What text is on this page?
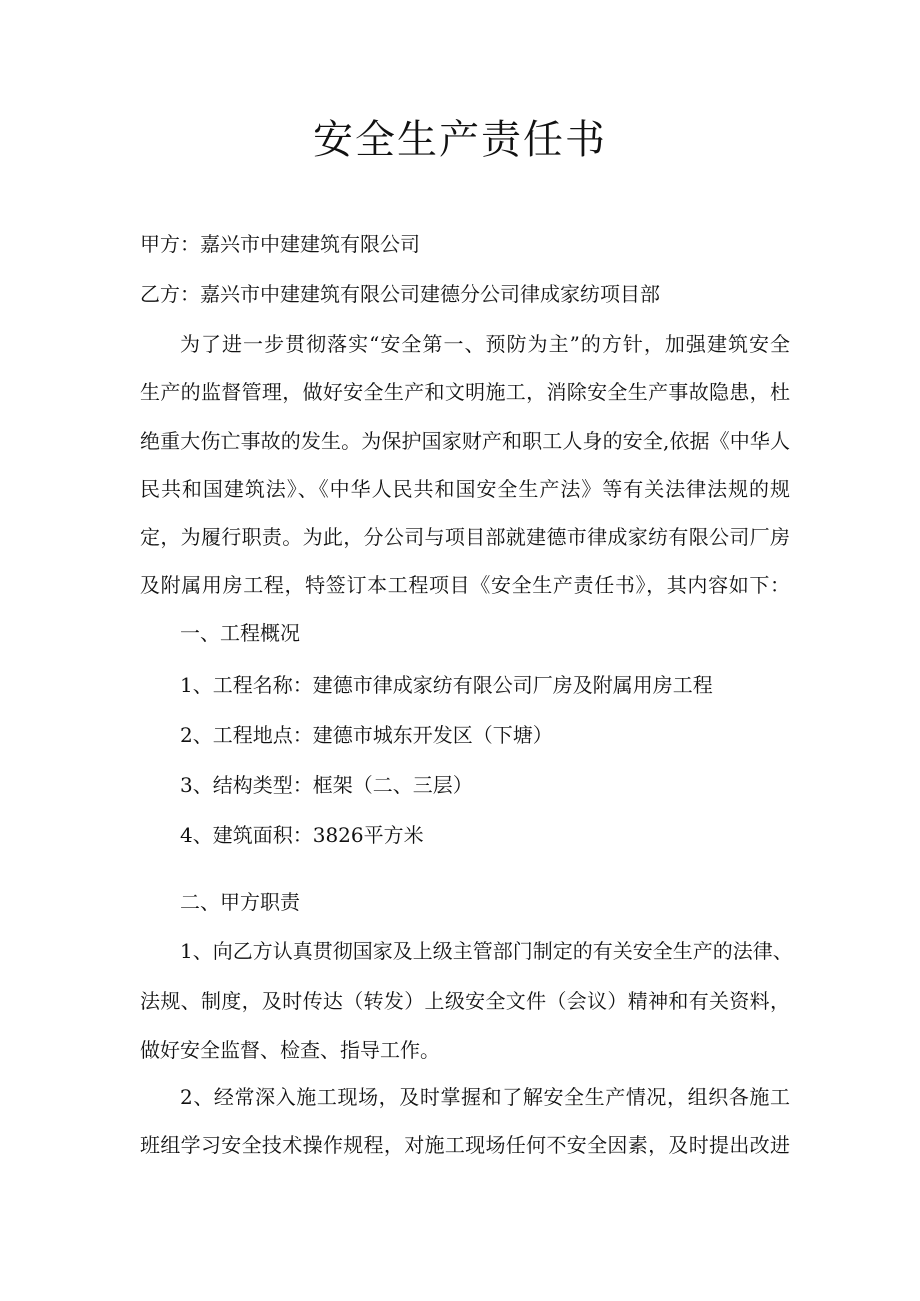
安全生产责任书

甲方：嘉兴市中建建筑有限公司

乙方：嘉兴市中建建筑有限公司建德分公司律成家纺项目部

为了进一步贯彻落实“安全第一、预防为主”的方针，加强建筑安全

生产的监督管理，做好安全生产和文明施工，消除安全生产事故隐患，杜

绝重大伤亡事故的发生。为保护国家财产和职工人身的安全,依据《中华人

民共和国建筑法》、《中华人民共和国安全生产法》等有关法律法规的规

定，为履行职责。为此，分公司与项目部就建德市律成家纺有限公司厂房

及附属用房工程，特签订本工程项目《安全生产责任书》，其内容如下：

一、工程概况

1、工程名称：建德市律成家纺有限公司厂房及附属用房工程

2、工程地点：建德市城东开发区（下塘）

3、结构类型：框架（二、三层）

4、建筑面积：3826平方米

二、甲方职责

1、向乙方认真贯彻国家及上级主管部门制定的有关安全生产的法律、

法规、制度，及时传达（转发）上级安全文件（会议）精神和有关资料，

做好安全监督、检查、指导工作。

2、经常深入施工现场，及时掌握和了解安全生产情况，组织各施工

班组学习安全技术操作规程，对施工现场任何不安全因素，及时提出改进
